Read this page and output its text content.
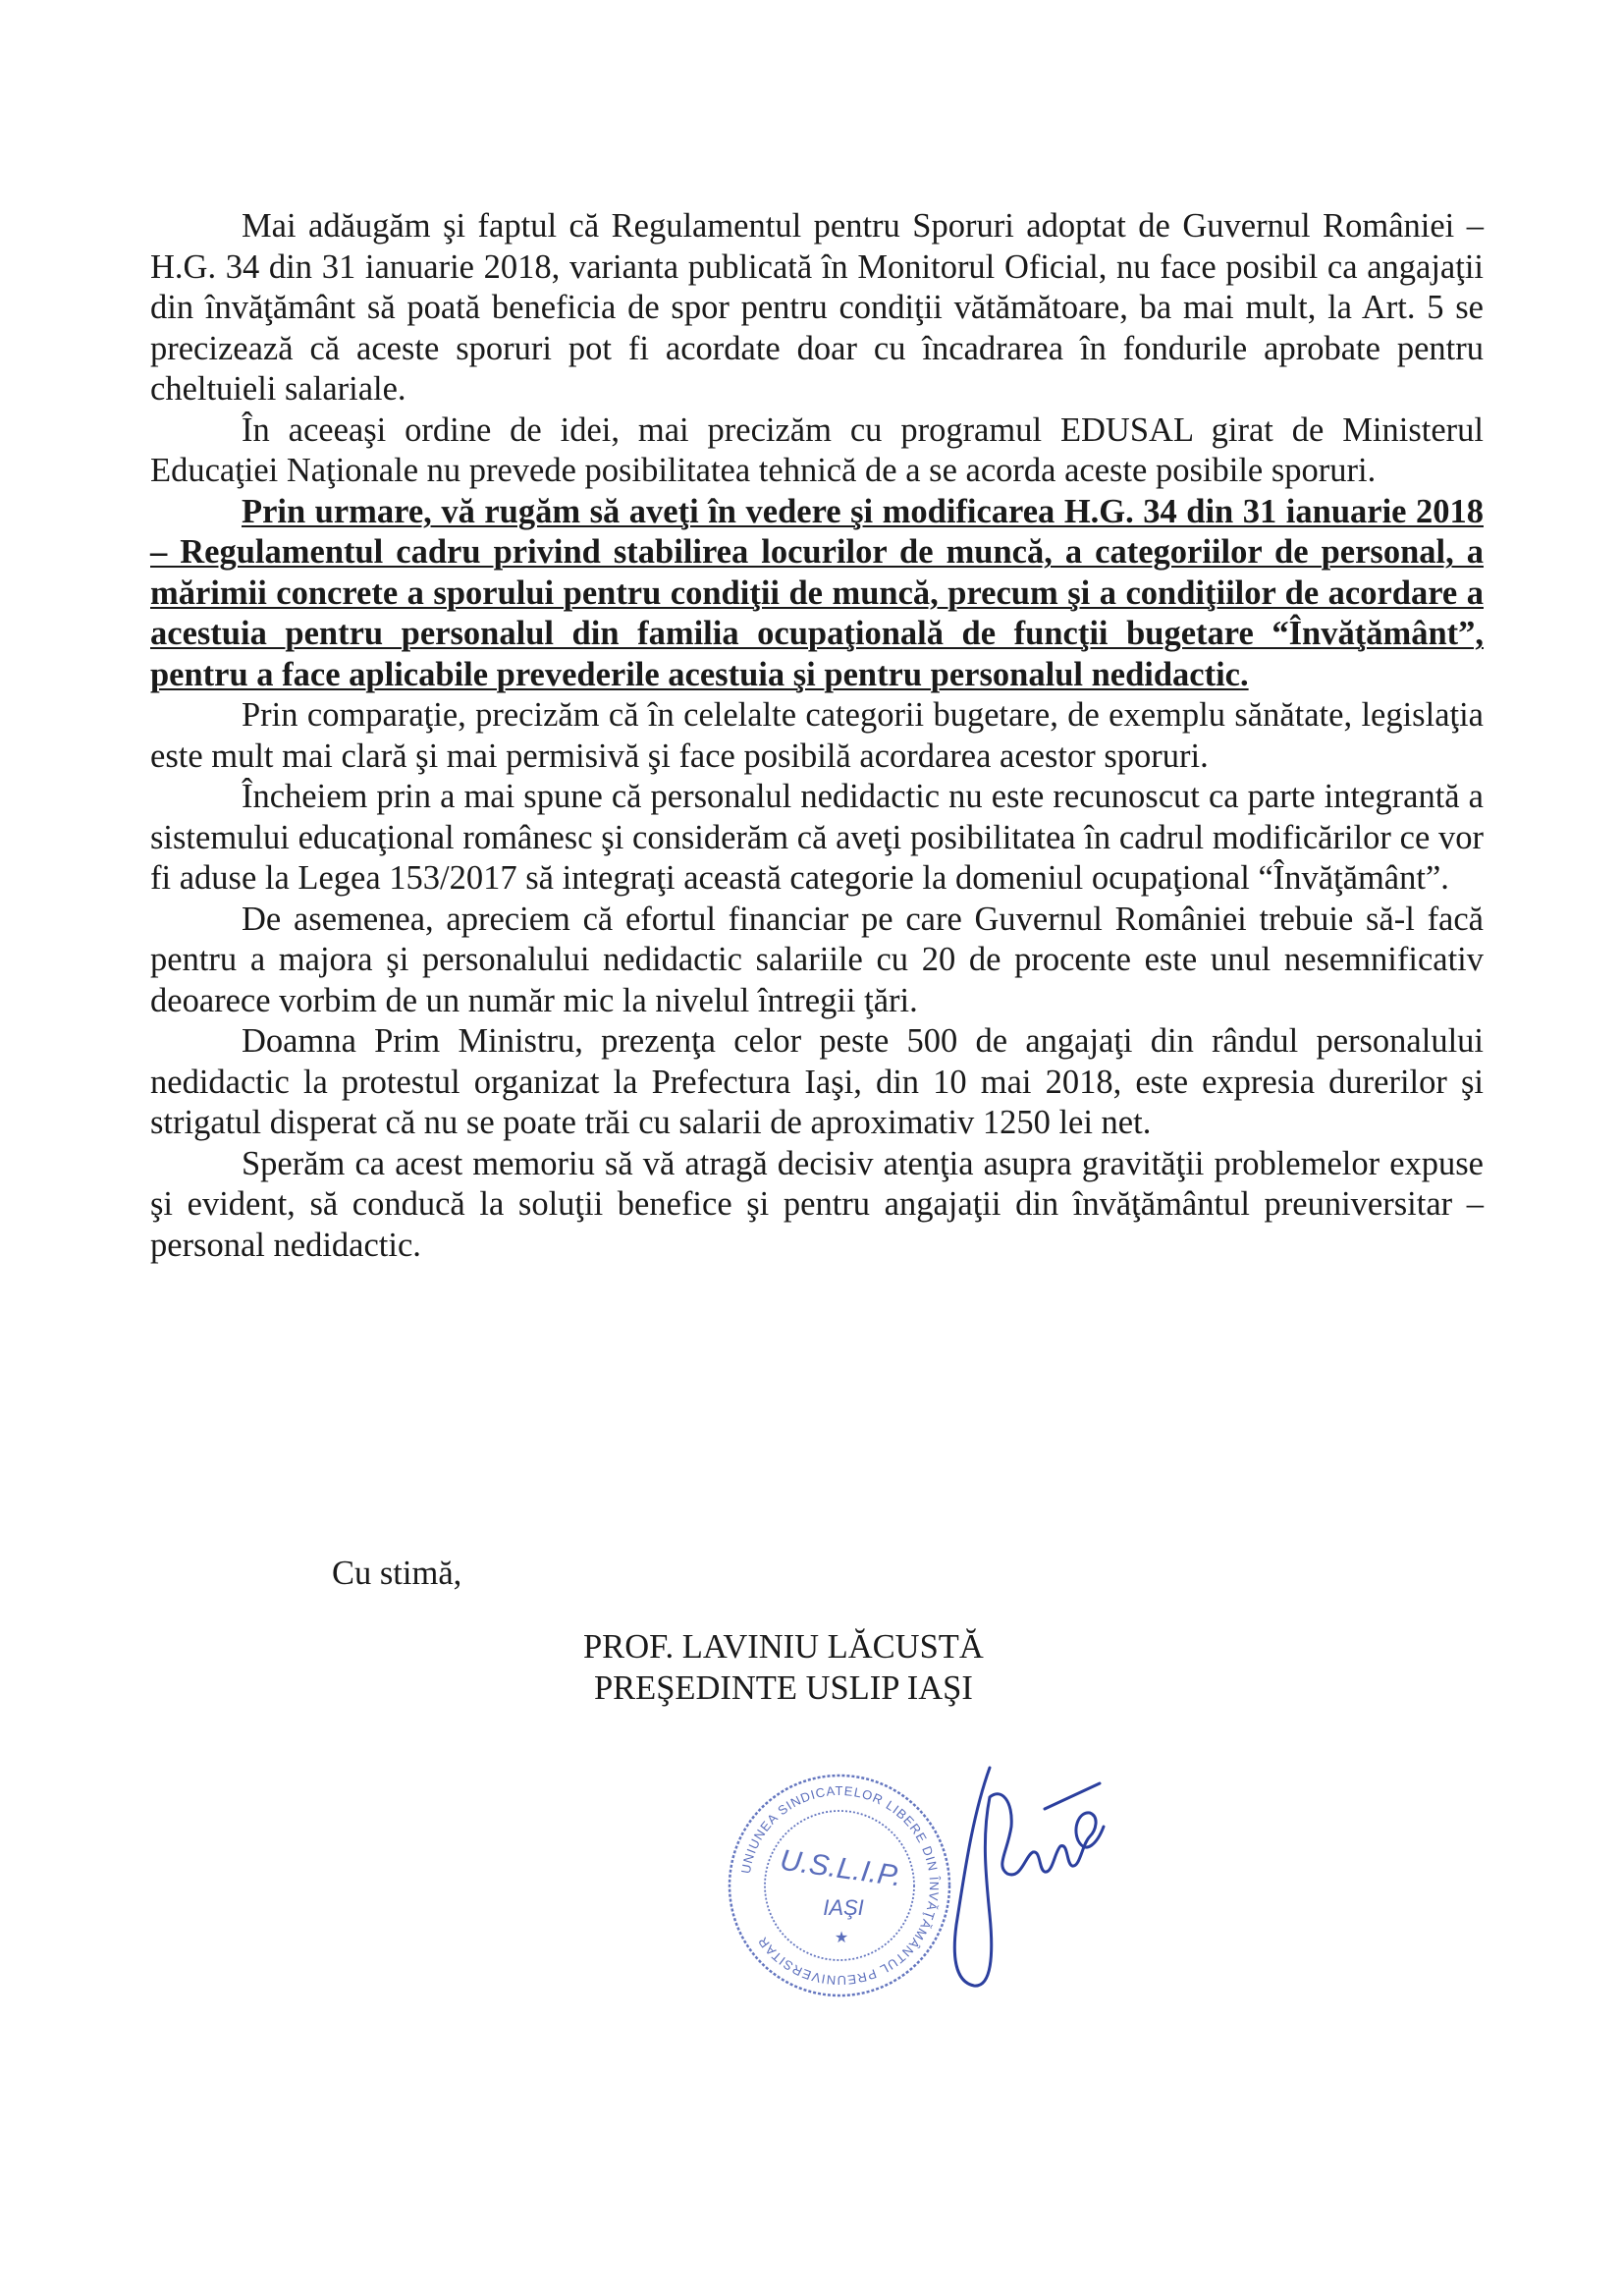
Mai adăugăm şi faptul că Regulamentul pentru Sporuri adoptat de Guvernul României – H.G. 34 din 31 ianuarie 2018, varianta publicată în Monitorul Oficial, nu face posibil ca angajaţii din învăţământ să poată beneficia de spor pentru condiţii vătămătoare, ba mai mult, la Art. 5 se precizează că aceste sporuri pot fi acordate doar cu încadrarea în fondurile aprobate pentru cheltuieli salariale.

În aceeaşi ordine de idei, mai precizăm cu programul EDUSAL girat de Ministerul Educaţiei Naţionale nu prevede posibilitatea tehnică de a se acorda aceste posibile sporuri.

Prin urmare, vă rugăm să aveţi în vedere şi modificarea H.G. 34 din 31 ianuarie 2018 – Regulamentul cadru privind stabilirea locurilor de muncă, a categoriilor de personal, a mărimii concrete a sporului pentru condiţii de muncă, precum şi a condiţiilor de acordare a acestuia pentru personalul din familia ocupaţională de funcţii bugetare “Învăţământ”, pentru a face aplicabile prevederile acestuia şi pentru personalul nedidactic.

Prin comparaţie, precizăm că în celelalte categorii bugetare, de exemplu sănătate, legislaţia este mult mai clară şi mai permisivă şi face posibilă acordarea acestor sporuri.

Încheiem prin a mai spune că personalul nedidactic nu este recunoscut ca parte integrantă a sistemului educaţional românesc şi considerăm că aveţi posibilitatea în cadrul modificărilor ce vor fi aduse la Legea 153/2017 să integraţi această categorie la domeniul ocupaţional “Învăţământ”.

De asemenea, apreciem că efortul financiar pe care Guvernul României trebuie să-l facă pentru a majora şi personalului nedidactic salariile cu 20 de procente este unul nesemnificativ deoarece vorbim de un număr mic la nivelul întregii ţări.

Doamna Prim Ministru, prezenţa celor peste 500 de angajaţi din rândul personalului nedidactic la protestul organizat la Prefectura Iaşi, din 10 mai 2018, este expresia durerilor şi strigatul disperat că nu se poate trăi cu salarii de aproximativ 1250 lei net.

Sperăm ca acest memoriu să vă atragă decisiv atenţia asupra gravităţii problemelor expuse şi evident, să conducă la soluţii benefice şi pentru angajaţii din învăţământul preuniversitar – personal nedidactic.

Cu stimă,

PROF. LAVINIU LĂCUSTĂ
PREŞEDINTE USLIP IAŞI
UNIUNEA SINDICATELOR LIBERE DIN ÎNVĂŢĂMÂNTUL PREUNIVERSITAR
U.S.L.I.P.
IAŞI
★
